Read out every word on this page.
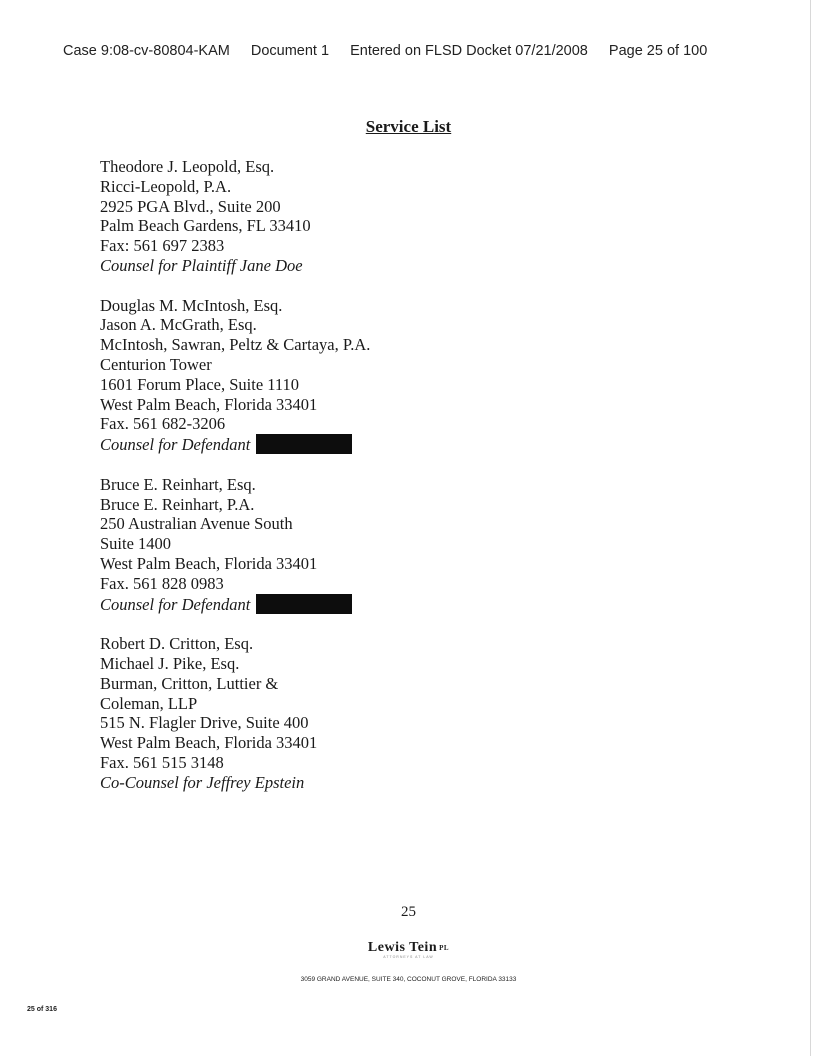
Case 9:08-cv-80804-KAM Document 1 Entered on FLSD Docket 07/21/2008 Page 25 of 100
Service List
Theodore J. Leopold, Esq.
Ricci-Leopold, P.A.
2925 PGA Blvd., Suite 200
Palm Beach Gardens, FL 33410
Fax: 561 697 2383
Counsel for Plaintiff Jane Doe
Douglas M. McIntosh, Esq.
Jason A. McGrath, Esq.
McIntosh, Sawran, Peltz & Cartaya, P.A.
Centurion Tower
1601 Forum Place, Suite 1110
West Palm Beach, Florida 33401
Fax. 561 682-3206
Counsel for Defendant
Bruce E. Reinhart, Esq.
Bruce E. Reinhart, P.A.
250 Australian Avenue South
Suite 1400
West Palm Beach, Florida 33401
Fax. 561 828 0983
Counsel for Defendant
Robert D. Critton, Esq.
Michael J. Pike, Esq.
Burman, Critton, Luttier &
Coleman, LLP
515 N. Flagler Drive, Suite 400
West Palm Beach, Florida 33401
Fax. 561 515 3148
Co-Counsel for Jeffrey Epstein
25
Lewis Tein PL
ATTORNEYS AT LAW
3059 GRAND AVENUE, SUITE 340, COCONUT GROVE, FLORIDA 33133
25 of 316
